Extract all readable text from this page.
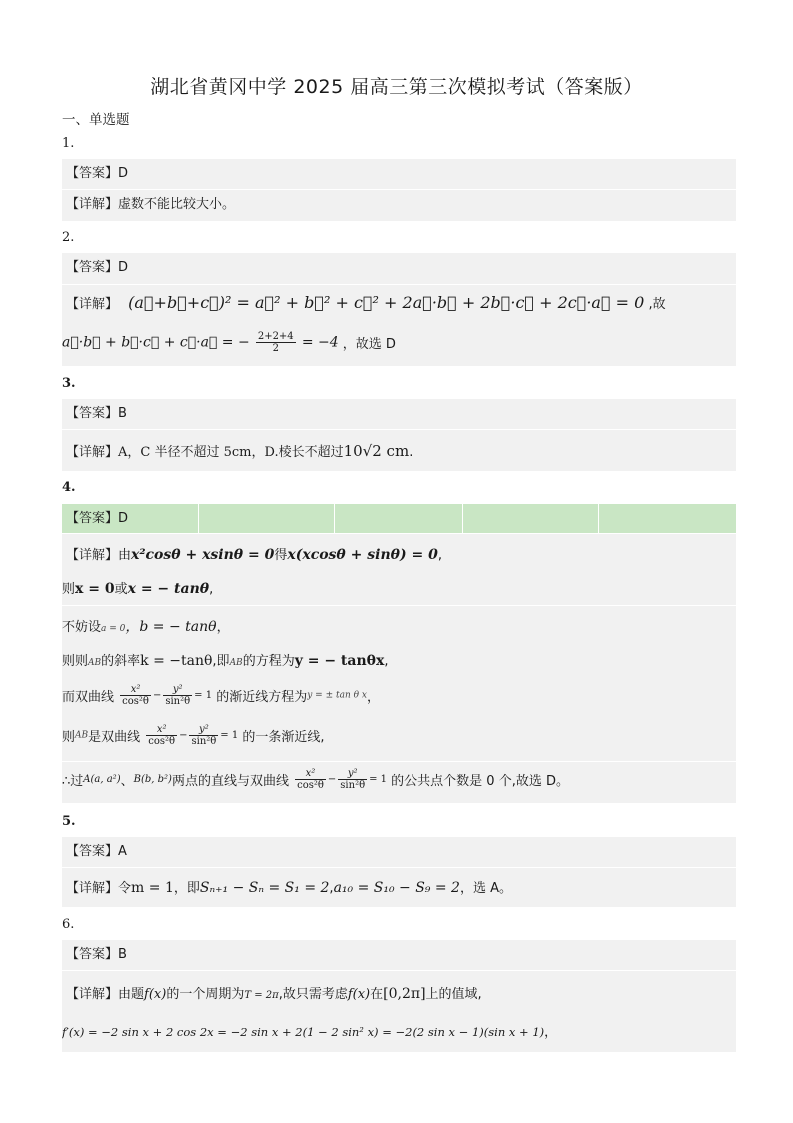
湖北省黄冈中学 2025 届高三第三次模拟考试（答案版）
一、单选题
1.
【答案】D
【详解】虚数不能比较大小。
2.
【答案】D
【详解】 (a⃗+b⃗+c⃗)² = a⃗² + b⃗² + c⃗² + 2a⃗·b⃗ + 2b⃗·c⃗ + 2c⃗·a⃗ = 0 ,故
a⃗·b⃗ + b⃗·c⃗ + c⃗·a⃗ = − $\frac{2+2+4}{2} = -4$ ，故选 D
3.
【答案】B
【详解】A，C 半径不超过 5cm，D.棱长不超过10√2 cm.
4.
【答案】D
【详解】由x²cosθ + xsinθ = 0得x(xcosθ + sinθ) = 0,
则x = 0或x = − tanθ,
不妨设a = 0，b = − tanθ，
则则AB的斜率k = −tanθ,即AB的方程为y = − tanθx,
而双曲线 $\frac{\text{x²}}{\text{cos²θ}} - \frac{\text{y²}}{\text{sin²θ}} = 1$ 的渐近线方程为y = ± tan θ x，
则AB是双曲线 $\frac{\text{x²}}{\text{cos²θ}} - \frac{\text{y²}}{\text{sin²θ}} = 1$ 的一条渐近线,
∴过A(a, a²)、B(b, b²)两点的直线与双曲线 $\frac{\text{x²}}{\text{cos²θ}} - \frac{\text{y²}}{\text{sin²θ}} = 1$ 的公共点个数是 0 个,故选 D。
5.
【答案】A
【详解】令m = 1，即Sₙ₊₁ − Sₙ = S₁ = 2,a₁₀ = S₁₀ − S₉ = 2，选 A。
6.
【答案】B
【详解】由题f(x)的一个周期为T = 2π,故只需考虑f(x)在[0,2π]上的值域,
f′(x) = −2 sin x + 2 cos 2x = −2 sin x + 2(1 − 2 sin² x) = −2(2 sin x − 1)(sin x + 1)，
